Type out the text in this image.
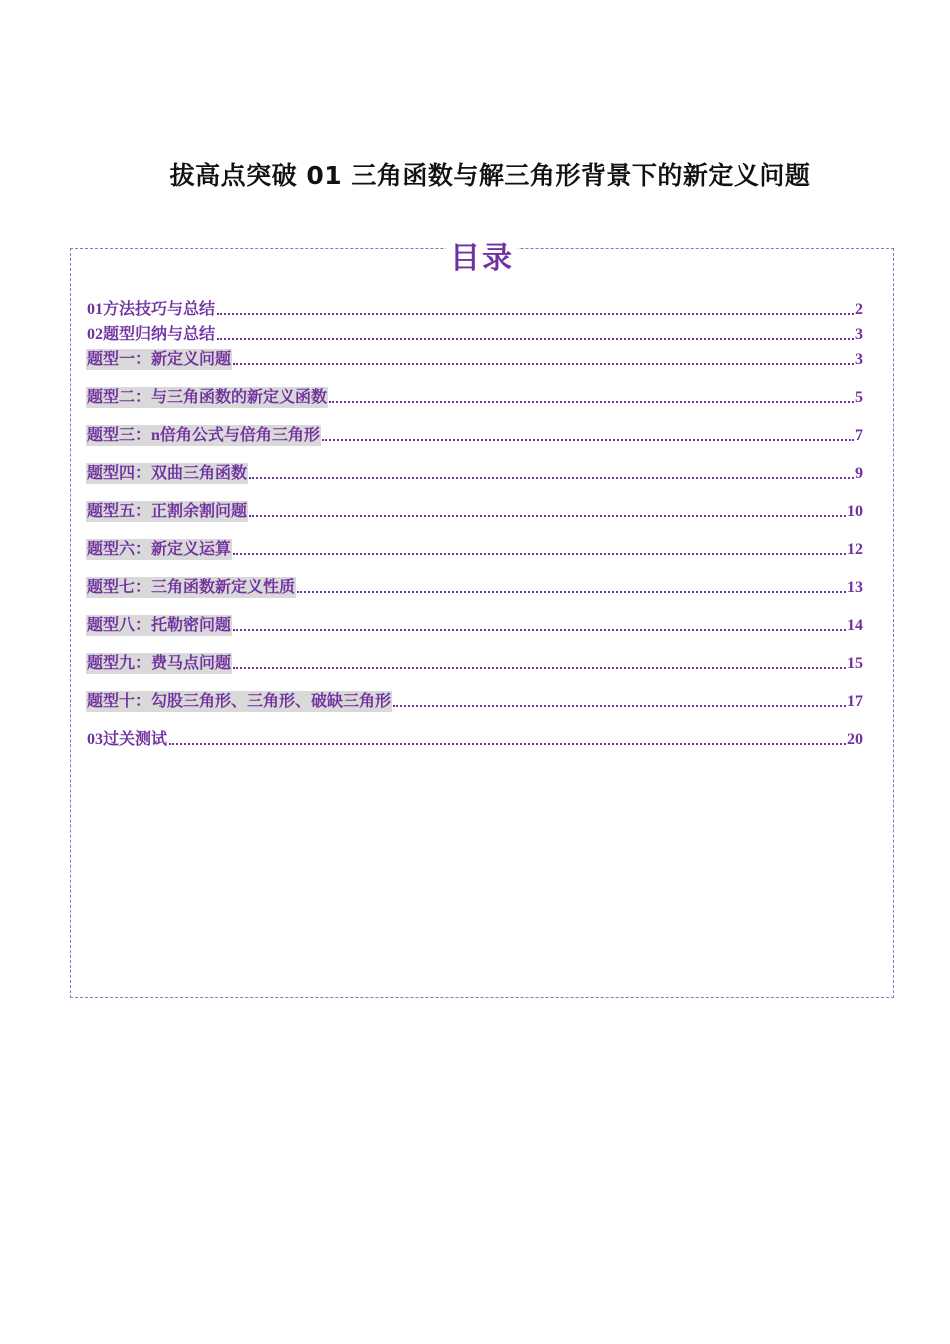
拔高点突破 01 三角函数与解三角形背景下的新定义问题
目录
01方法技巧与总结	2
02题型归纳与总结	3
题型一：新定义问题	3
题型二：与三角函数的新定义函数	5
题型三：n倍角公式与倍角三角形	7
题型四：双曲三角函数	9
题型五：正割余割问题	10
题型六：新定义运算	12
题型七：三角函数新定义性质	13
题型八：托勒密问题	14
题型九：费马点问题	15
题型十：勾股三角形、三角形、破缺三角形	17
03过关测试	20
